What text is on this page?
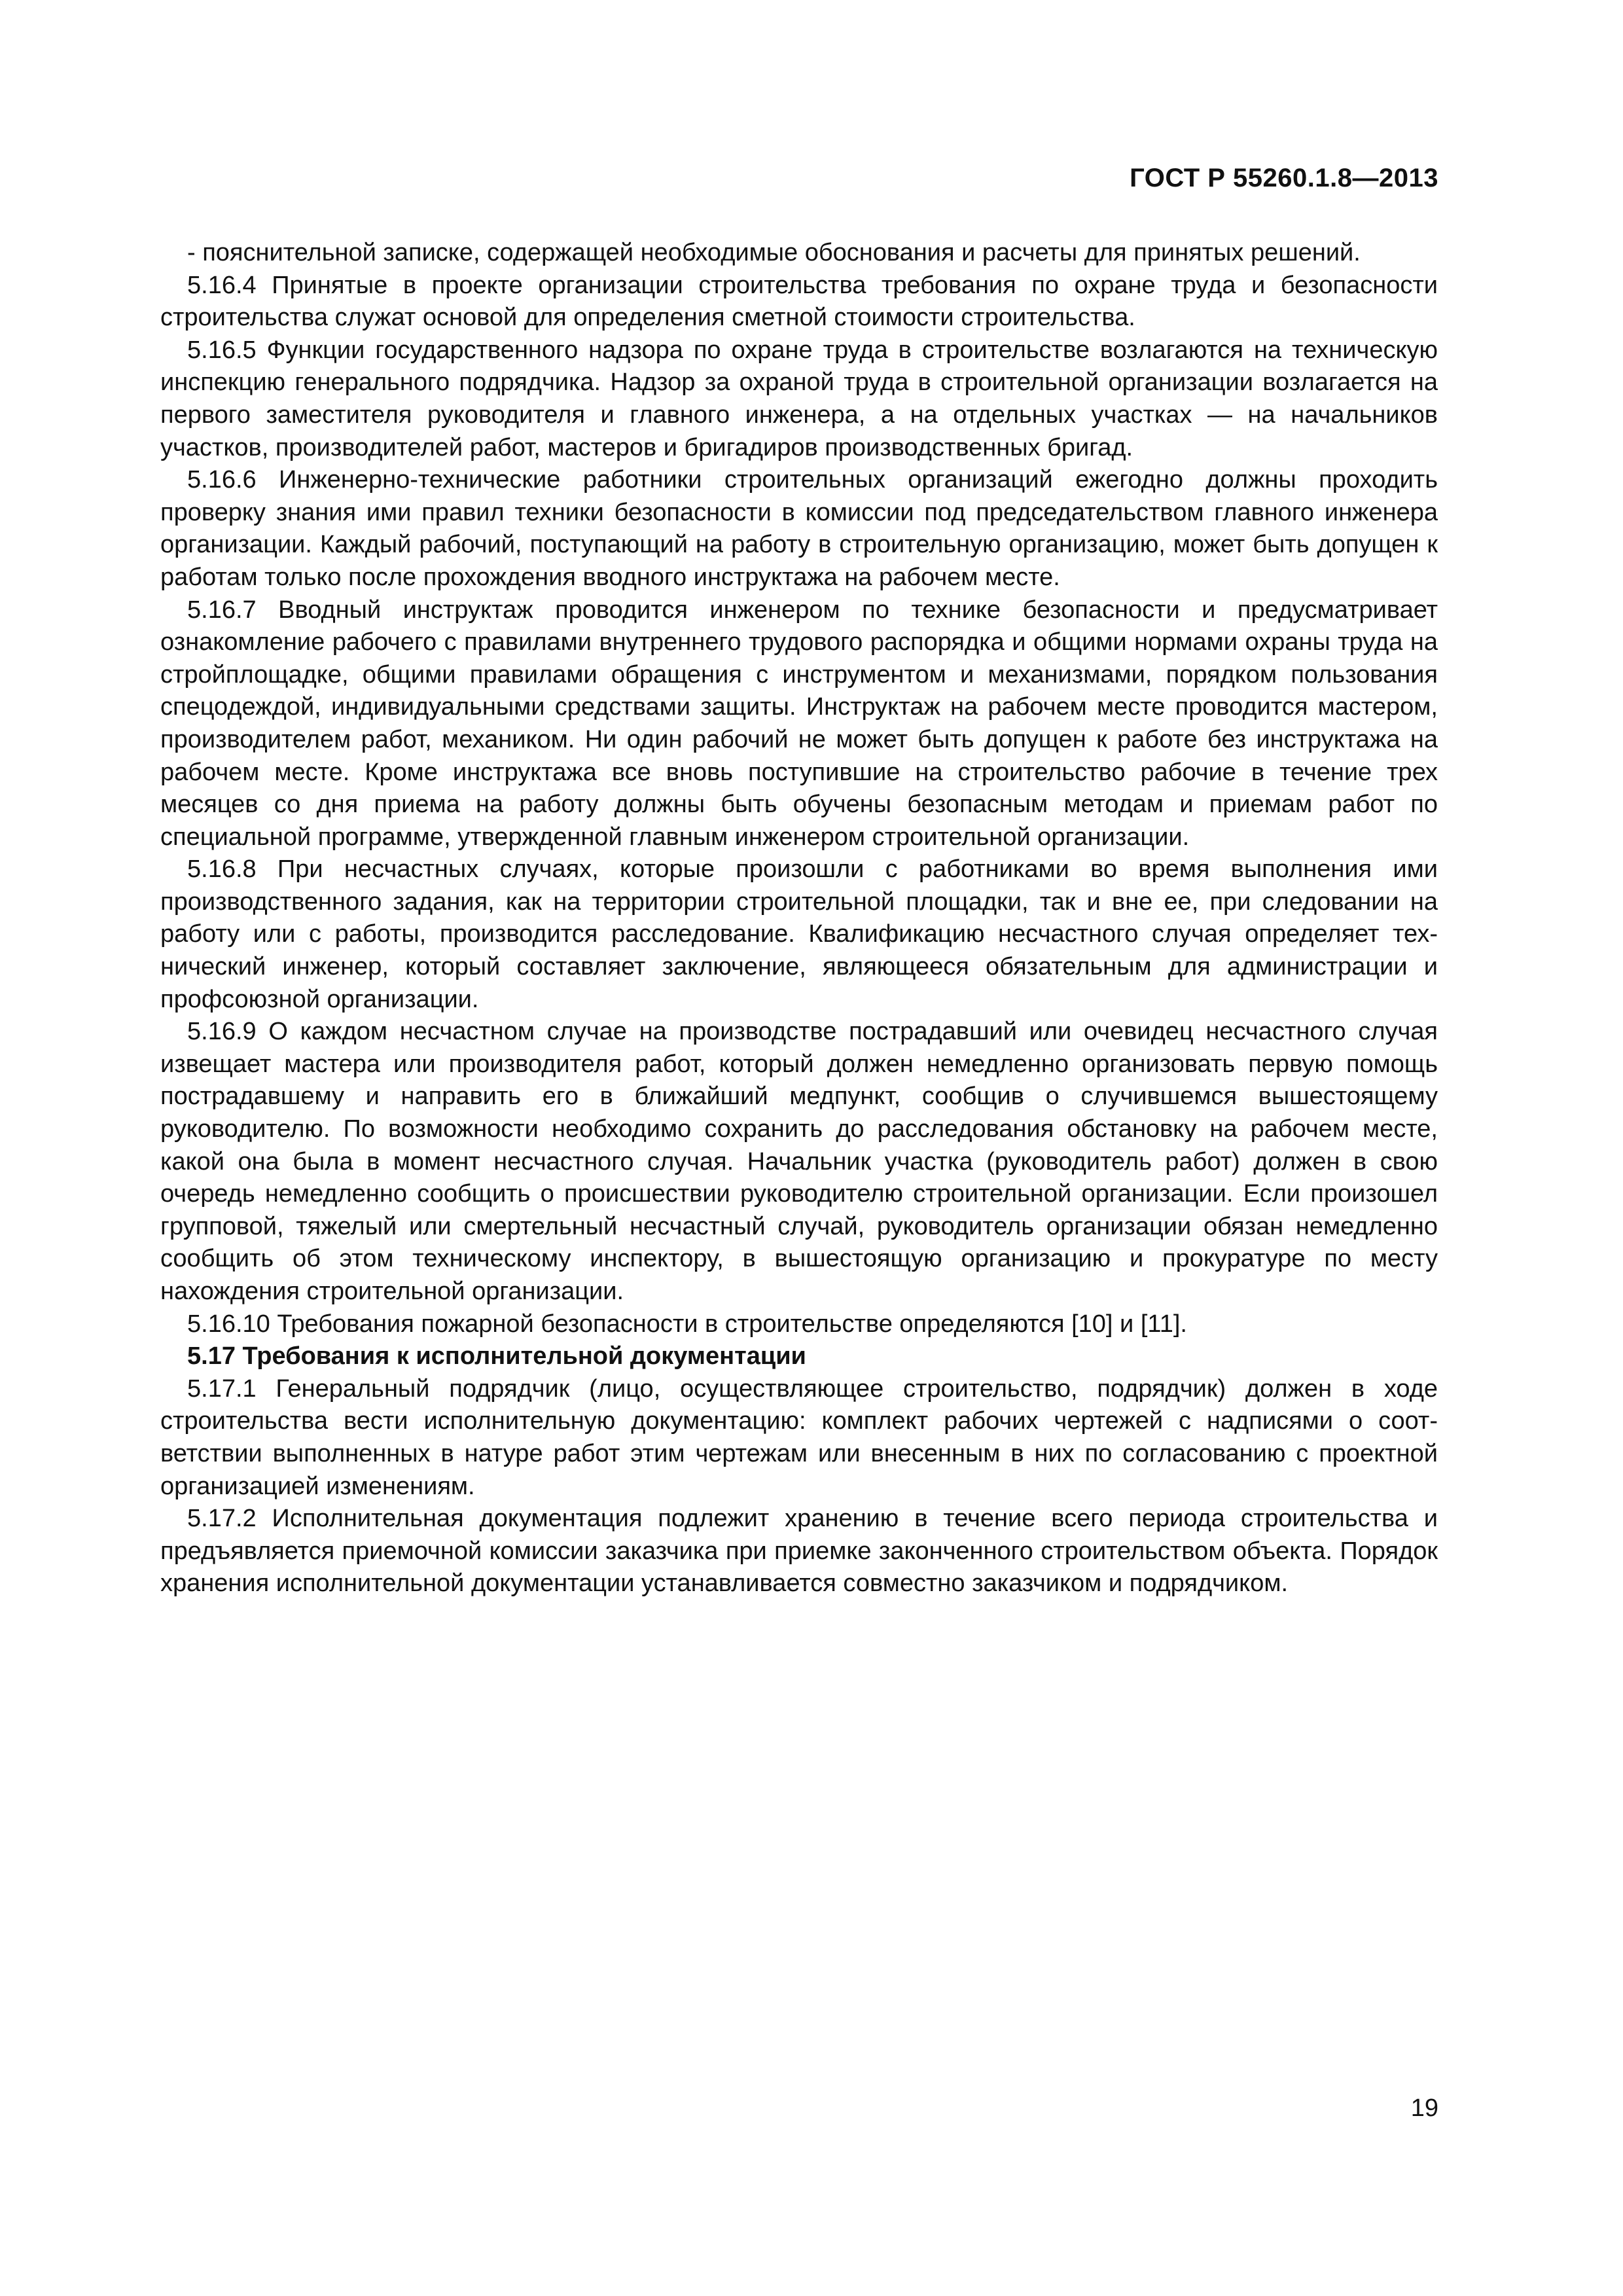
ГОСТ Р 55260.1.8—2013

- пояснительной записке, содержащей необходимые обоснования и расчеты для принятых решений.

5.16.4 Принятые в проекте организации строительства требования по охране труда и безопасности строительства служат основой для определения сметной стоимости строительства.

5.16.5 Функции государственного надзора по охране труда в строительстве возлагаются на техническую инспекцию генерального подрядчика. Надзор за охраной труда в строительной организации возлагается на первого заместителя руководителя и главного инженера, а на отдельных участках — на начальников участков, производителей работ, мастеров и бригадиров производственных бригад.

5.16.6 Инженерно-технические работники строительных организаций ежегодно должны проходить проверку знания ими правил техники безопасности в комиссии под председательством главного инженера организации. Каждый рабочий, поступающий на работу в строительную организацию, может быть допущен к работам только после прохождения вводного инструктажа на рабочем месте.

5.16.7 Вводный инструктаж проводится инженером по технике безопасности и предусматривает ознакомление рабочего с правилами внутреннего трудового распорядка и общими нормами охраны труда на стройплощадке, общими правилами обращения с инструментом и механизмами, порядком пользования спецодеждой, индивидуальными средствами защиты. Инструктаж на рабочем месте проводится мастером, производителем работ, механиком. Ни один рабочий не может быть допущен к работе без инструктажа на рабочем месте. Кроме инструктажа все вновь поступившие на строительство рабочие в течение трех месяцев со дня приема на работу должны быть обучены безопасным методам и приемам работ по специальной программе, утвержденной главным инженером строительной организации.

5.16.8 При несчастных случаях, которые произошли с работниками во время выполнения ими производственного задания, как на территории строительной площадки, так и вне ее, при следовании на работу или с работы, производится расследование. Квалификацию несчастного случая определяет технический инженер, который составляет заключение, являющееся обязательным для администрации и профсоюзной организации.

5.16.9 О каждом несчастном случае на производстве пострадавший или очевидец несчастного случая извещает мастера или производителя работ, который должен немедленно организовать первую помощь пострадавшему и направить его в ближайший медпункт, сообщив о случившемся вышестоящему руководителю. По возможности необходимо сохранить до расследования обстановку на рабочем месте, какой она была в момент несчастного случая. Начальник участка (руководитель работ) должен в свою очередь немедленно сообщить о происшествии руководителю строительной организации. Если произошел групповой, тяжелый или смертельный несчастный случай, руководитель организации обязан немедленно сообщить об этом техническому инспектору, в вышестоящую организацию и прокуратуре по месту нахождения строительной организации.

5.16.10 Требования пожарной безопасности в строительстве определяются [10] и [11].

5.17 Требования к исполнительной документации

5.17.1 Генеральный подрядчик (лицо, осуществляющее строительство, подрядчик) должен в ходе строительства вести исполнительную документацию: комплект рабочих чертежей с надписями о соответствии выполненных в натуре работ этим чертежам или внесенным в них по согласованию с проектной организацией изменениям.

5.17.2 Исполнительная документация подлежит хранению в течение всего периода строительства и предъявляется приемочной комиссии заказчика при приемке законченного строительством объекта. Порядок хранения исполнительной документации устанавливается совместно заказчиком и подрядчиком.

19
